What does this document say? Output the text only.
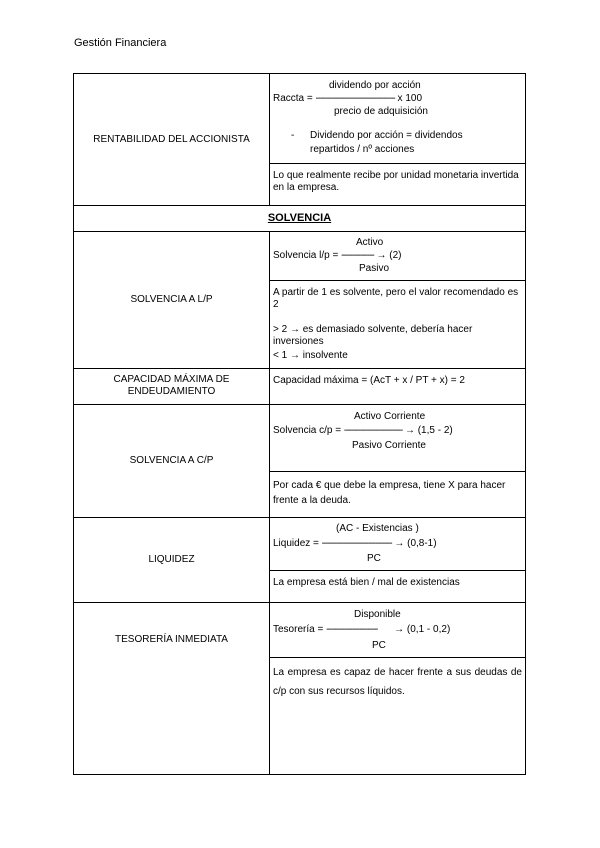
Gestión Financiera
RENTABILIDAD DEL ACCIONISTA
dividendo por acción
Raccta = ---------------------------------- x 100
precio de adquisición
- Dividendo por acción = dividendos
repartidos / nº acciones
Lo que realmente recibe por unidad monetaria invertida en la empresa.
SOLVENCIA
SOLVENCIA A L/P
Activo
Solvencia l/p = -------------- → (2)
Pasivo
A partir de 1 es solvente, pero el valor recomendado es 2
> 2 → es demasiado solvente, debería hacer inversiones
< 1 → insolvente
CAPACIDAD MÁXIMA DE ENDEUDAMIENTO
Capacidad máxima = (AcT + x / PT + x) = 2
SOLVENCIA A C/P
Activo Corriente
Solvencia c/p = ------------------------- → (1,5 - 2)
Pasivo Corriente
Por cada € que debe la empresa, tiene X para hacer frente a la deuda.
LIQUIDEZ
(AC - Existencias )
Liquidez = ------------------------------ → (0,8-1)
PC
La empresa está bien / mal de existencias
TESORERÍA INMEDIATA
Disponible
Tesorería = ---------------------- → (0,1 - 0,2)
PC
La empresa es capaz de hacer frente a sus deudas de c/p con sus recursos líquidos.
